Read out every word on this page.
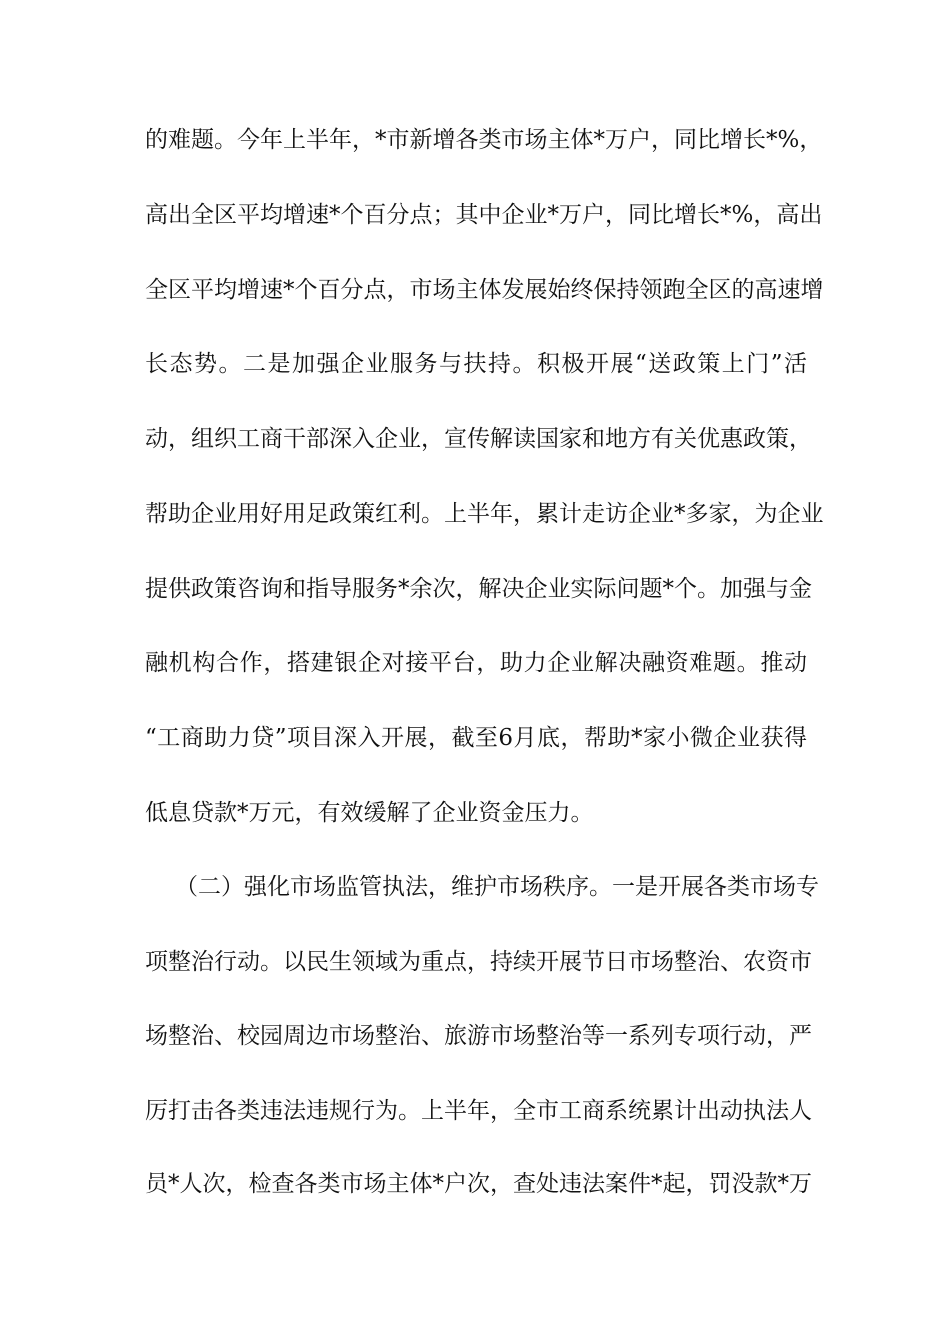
的难题。今年上半年，*市新增各类市场主体*万户，同比增长*%，
高出全区平均增速*个百分点；其中企业*万户，同比增长*%，高出
全区平均增速*个百分点，市场主体发展始终保持领跑全区的高速增
长态势。二是加强企业服务与扶持。积极开展“送政策上门”活
动，组织工商干部深入企业，宣传解读国家和地方有关优惠政策，
帮助企业用好用足政策红利。上半年，累计走访企业*多家，为企业
提供政策咨询和指导服务*余次，解决企业实际问题*个。加强与金
融机构合作，搭建银企对接平台，助力企业解决融资难题。推动
“工商助力贷”项目深入开展，截至6月底，帮助*家小微企业获得
低息贷款*万元，有效缓解了企业资金压力。
（二）强化市场监管执法，维护市场秩序。一是开展各类市场专
项整治行动。以民生领域为重点，持续开展节日市场整治、农资市
场整治、校园周边市场整治、旅游市场整治等一系列专项行动，严
厉打击各类违法违规行为。上半年，全市工商系统累计出动执法人
员*人次，检查各类市场主体*户次，查处违法案件*起，罚没款*万
